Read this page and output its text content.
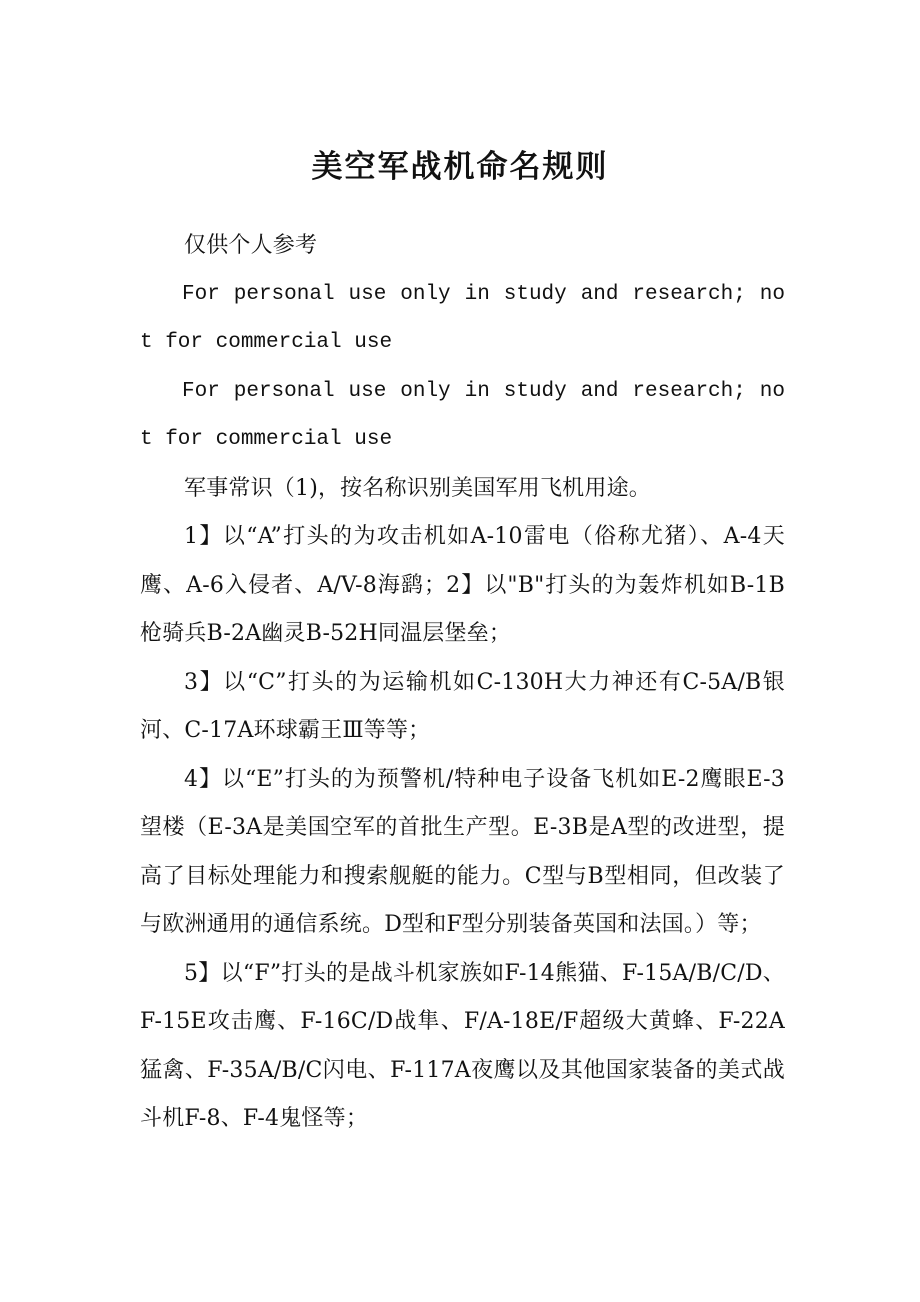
美空军战机命名规则

仅供个人参考

For personal use only in study and research; not for commercial use

For personal use only in study and research; not for commercial use

军事常识（1)，按名称识别美国军用飞机用途。

1】以“A”打头的为攻击机如A-10雷电（俗称尤猪）、A-4天鹰、A-6入侵者、A/V-8海鹞；2】以"B"打头的为轰炸机如B-1B枪骑兵B-2A幽灵B-52H同温层堡垒；

3】以“C”打头的为运输机如C-130H大力神还有C-5A/B银河、C-17A环球霸王Ⅲ等等；

4】以“E”打头的为预警机/特种电子设备飞机如E-2鹰眼E-3望楼（E-3A是美国空军的首批生产型。E-3B是A型的改进型，提高了目标处理能力和搜索舰艇的能力。C型与B型相同，但改装了与欧洲通用的通信系统。D型和F型分别装备英国和法国。）等；

5】以“F”打头的是战斗机家族如F-14熊猫、F-15A/B/C/D、F-15E攻击鹰、F-16C/D战隼、F/A-18E/F超级大黄蜂、F-22A猛禽、F-35A/B/C闪电、F-117A夜鹰以及其他国家装备的美式战斗机F-8、F-4鬼怪等；
